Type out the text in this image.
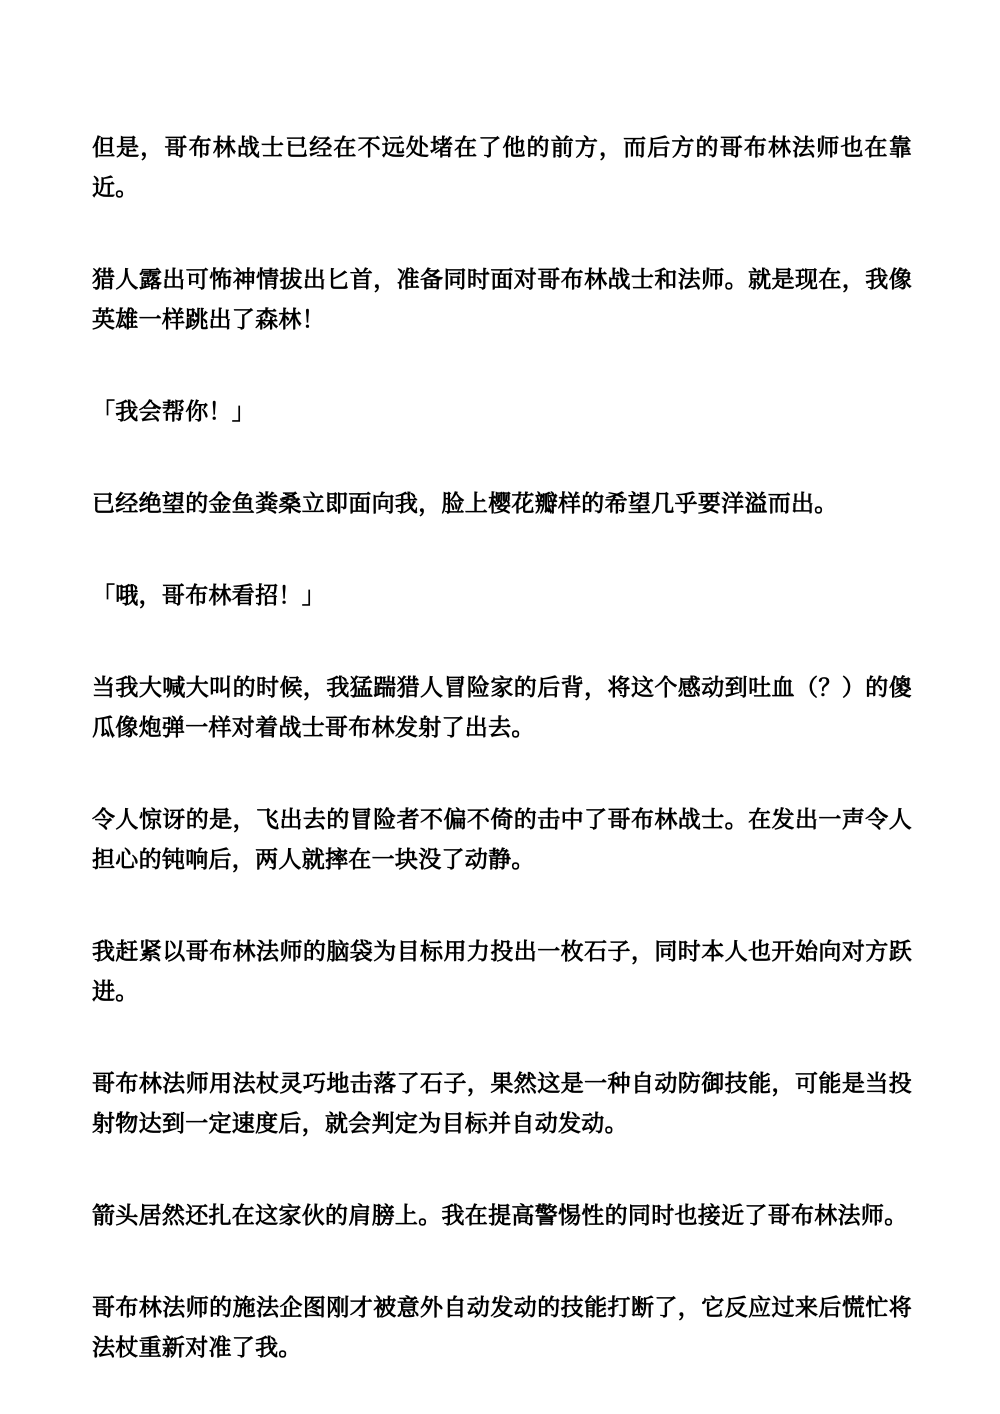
但是，哥布林战士已经在不远处堵在了他的前方，而后方的哥布林法师也在靠近。

猎人露出可怖神情拔出匕首，准备同时面对哥布林战士和法师。就是现在，我像英雄一样跳出了森林！

「我会帮你！」

已经绝望的金鱼粪桑立即面向我，脸上樱花瓣样的希望几乎要洋溢而出。

「哦，哥布林看招！」

当我大喊大叫的时候，我猛踹猎人冒险家的后背，将这个感动到吐血（？）的傻瓜像炮弹一样对着战士哥布林发射了出去。

令人惊讶的是，飞出去的冒险者不偏不倚的击中了哥布林战士。在发出一声令人担心的钝响后，两人就摔在一块没了动静。

我赶紧以哥布林法师的脑袋为目标用力投出一枚石子，同时本人也开始向对方跃进。

哥布林法师用法杖灵巧地击落了石子，果然这是一种自动防御技能，可能是当投射物达到一定速度后，就会判定为目标并自动发动。

箭头居然还扎在这家伙的肩膀上。我在提高警惕性的同时也接近了哥布林法师。

哥布林法师的施法企图刚才被意外自动发动的技能打断了，它反应过来后慌忙将法杖重新对准了我。
